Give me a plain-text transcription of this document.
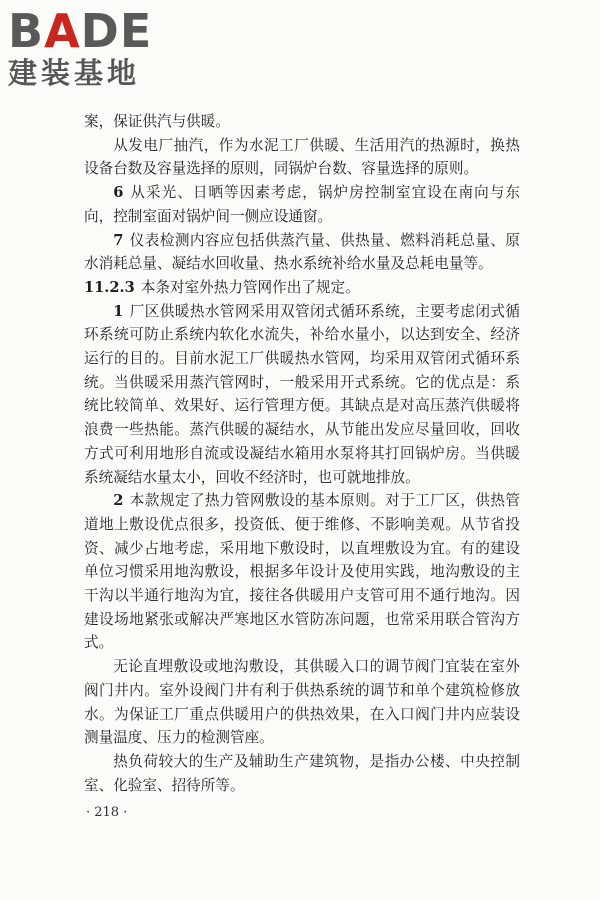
B A D E
建装基地

案，保证供汽与供暖。

从发电厂抽汽，作为水泥工厂供暖、生活用汽的热源时，换热设备台数及容量选择的原则，同锅炉台数、容量选择的原则。

6 从采光、日晒等因素考虑，锅炉房控制室宜设在南向与东向，控制室面对锅炉间一侧应设通窗。

7 仪表检测内容应包括供蒸汽量、供热量、燃料消耗总量、原水消耗总量、凝结水回收量、热水系统补给水量及总耗电量等。

11.2.3 本条对室外热力管网作出了规定。

1 厂区供暖热水管网采用双管闭式循环系统，主要考虑闭式循环系统可防止系统内软化水流失，补给水量小，以达到安全、经济运行的目的。目前水泥工厂供暖热水管网，均采用双管闭式循环系统。当供暖采用蒸汽管网时，一般采用开式系统。它的优点是：系统比较简单、效果好、运行管理方便。其缺点是对高压蒸汽供暖将浪费一些热能。蒸汽供暖的凝结水，从节能出发应尽量回收，回收方式可利用地形自流或设凝结水箱用水泵将其打回锅炉房。当供暖系统凝结水量太小，回收不经济时，也可就地排放。

2 本款规定了热力管网敷设的基本原则。对于工厂区，供热管道地上敷设优点很多，投资低、便于维修、不影响美观。从节省投资、减少占地考虑，采用地下敷设时，以直埋敷设为宜。有的建设单位习惯采用地沟敷设，根据多年设计及使用实践，地沟敷设的主干沟以半通行地沟为宜，接往各供暖用户支管可用不通行地沟。因建设场地紧张或解决严寒地区水管防冻问题，也常采用联合管沟方式。

无论直埋敷设或地沟敷设，其供暖入口的调节阀门宜装在室外阀门井内。室外设阀门井有利于供热系统的调节和单个建筑检修放水。为保证工厂重点供暖用户的供热效果，在入口阀门井内应装设测量温度、压力的检测管座。

热负荷较大的生产及辅助生产建筑物，是指办公楼、中央控制室、化验室、招待所等。

· 218 ·
